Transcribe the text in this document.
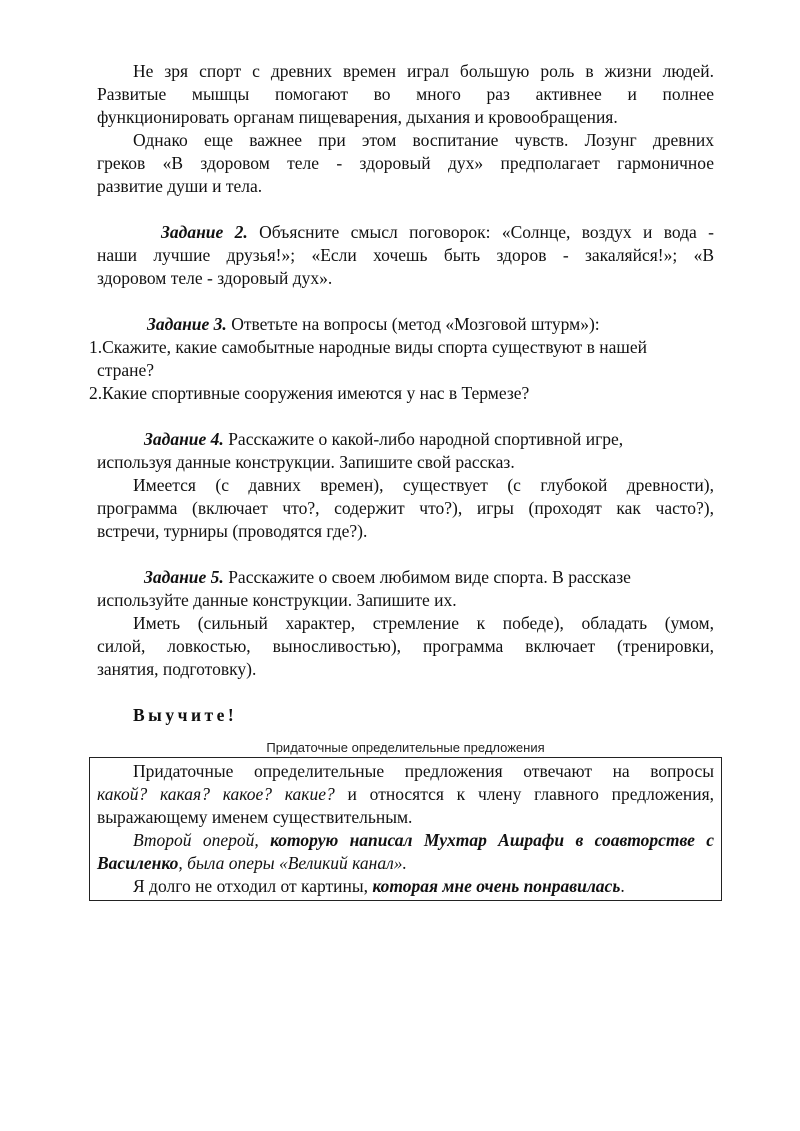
Не зря спорт с древних времен играл большую роль в жизни людей.

Развитые мышцы помогают во много раз активнее и полнее

функционировать органам пищеварения, дыхания и кровообращения.

Однако еще важнее при этом воспитание чувств. Лозунг древних

греков «В здоровом теле - здоровый дух» предполагает гармоничное

развитие души и тела.

Задание 2. Объясните смысл поговорок: «Солнце, воздух и вода -

наши лучшие друзья!»; «Если хочешь быть здоров - закаляйся!»; «В

здоровом теле - здоровый дух».

Задание 3. Ответьте на вопросы (метод «Мозговой штурм»):

1.Скажите, какие самобытные народные виды спорта существуют в нашей

стране?

2.Какие спортивные сооружения имеются у нас в Термезе?

Задание 4. Расскажите о какой-либо народной спортивной игре,

используя данные конструкции. Запишите свой рассказ.

Имеется (с давних времен), существует (с глубокой древности),

программа (включает что?, содержит что?), игры (проходят как часто?),

встречи, турниры (проводятся где?).

Задание 5. Расскажите о своем любимом виде спорта. В рассказе

используйте данные конструкции. Запишите их.

Иметь (сильный характер, стремление к победе), обладать (умом,

силой, ловкостью, выносливостью), программа включает (тренировки,

занятия, подготовку).

Выучите!

Придаточные определительные предложения

Придаточные определительные предложения отвечают на вопросы

какой? какая? какое? какие? и относятся к члену главного предложения,

выражающему именем существительным.

Второй оперой, которую написал Мухтар Ашрафи в соавторстве с

Василенко, была оперы «Великий канал».

Я долго не отходил от картины, которая мне очень понравилась.
